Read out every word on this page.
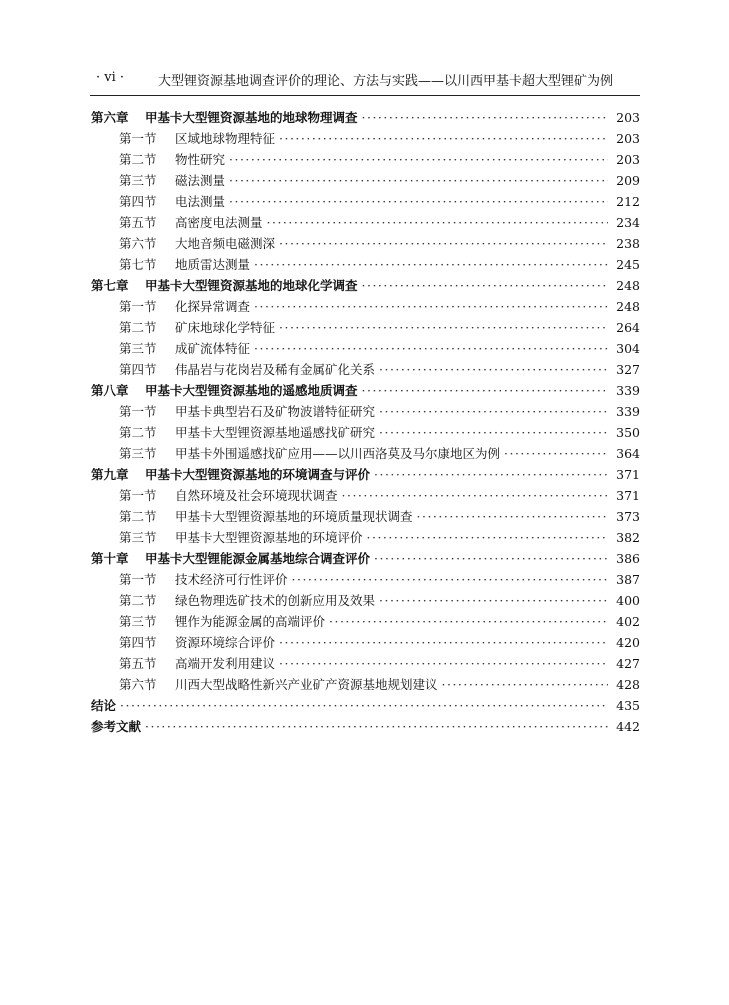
· vi ·	大型锂资源基地调查评价的理论、方法与实践——以川西甲基卡超大型锂矿为例
第六章	甲基卡大型锂资源基地的地球物理调查 ·····	203
第一节	区域地球物理特征 ·····	203
第二节	物性研究 ·····	203
第三节	磁法测量 ·····	209
第四节	电法测量 ·····	212
第五节	高密度电法测量 ·····	234
第六节	大地音频电磁测深 ·····	238
第七节	地质雷达测量 ·····	245
第七章	甲基卡大型锂资源基地的地球化学调查 ·····	248
第一节	化探异常调查 ·····	248
第二节	矿床地球化学特征 ·····	264
第三节	成矿流体特征 ·····	304
第四节	伟晶岩与花岗岩及稀有金属矿化关系 ·····	327
第八章	甲基卡大型锂资源基地的遥感地质调查 ·····	339
第一节	甲基卡典型岩石及矿物波谱特征研究 ·····	339
第二节	甲基卡大型锂资源基地遥感找矿研究 ·····	350
第三节	甲基卡外围遥感找矿应用——以川西洛莫及马尔康地区为例 ·····	364
第九章	甲基卡大型锂资源基地的环境调查与评价 ·····	371
第一节	自然环境及社会环境现状调查 ·····	371
第二节	甲基卡大型锂资源基地的环境质量现状调查 ·····	373
第三节	甲基卡大型锂资源基地的环境评价 ·····	382
第十章	甲基卡大型锂能源金属基地综合调查评价 ·····	386
第一节	技术经济可行性评价 ·····	387
第二节	绿色物理选矿技术的创新应用及效果 ·····	400
第三节	锂作为能源金属的高端评价 ·····	402
第四节	资源环境综合评价 ·····	420
第五节	高端开发利用建议 ·····	427
第六节	川西大型战略性新兴产业矿产资源基地规划建议 ·····	428
结论 ·····	435
参考文献 ·····	442
